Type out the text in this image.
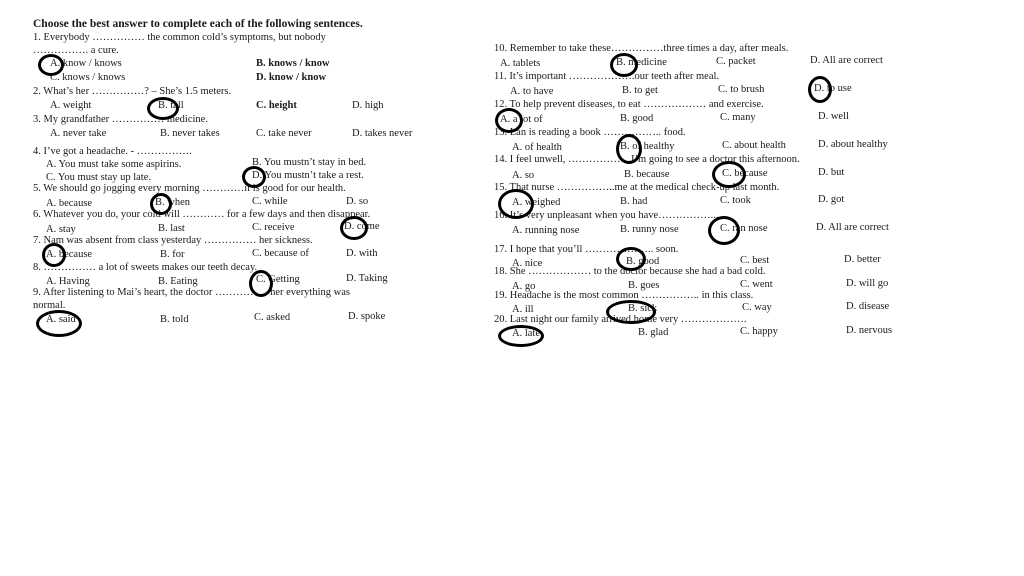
Choose the best answer to complete each of the following sentences.
1. Everybody …………… the common cold’s symptoms, but nobody
……………. a cure.
A. know / knows	B. knows / know
C. knows / knows	D. know / know
2. What’s her ……………? – She’s 1.5 meters.
A. weight	B. tall	C. height	D. high
3. My grandfather …………… medicine.
A. never take	B. never takes	C. take never	D. takes never
4. I’ve got a headache. - …………….
A. You must take some aspirins.	B. You mustn’t stay in bed.
C. You must stay up late.	D. You mustn’t take a rest.
5. We should go jogging every morning …………it is good for our health.
A. because	B. when	C. while	D. so
6. Whatever you do, your cold will ………… for a few days and then disappear.
A. stay	B. last	C. receive	D. come
7. Nam was absent from class yesterday …………… her sickness.
A. because	B. for	C. because of	D. with
8. …………… a lot of sweets makes our teeth decay.
A. Having	B. Eating	C. Getting	D. Taking
9. After listening to Mai’s heart, the doctor …………… her everything was
normal.
A. said	B. told	C. asked	D. spoke
10. Remember to take these……………three times a day, after meals.
A. tablets	B. medicine	C. packet	D. All are correct
11. It’s important ……………….our teeth after meal.
A. to have	B. to get	C. to brush	D. to use
12. To help prevent diseases, to eat ……………… and exercise.
A. a lot of	B. good	C. many	D. well
13. Lan is reading a book …………….. food.
A. of health	B. of healthy	C. about health	D. about healthy
14. I feel unwell, ………………I’m going to see a doctor this afternoon.
A. so	B. because	C. because	D. but
15. That nurse ……………..me at the medical check-up last month.
A. weighed	B. had	C. took	D. got
16. It’s very unpleasant when you have……………....
A. running nose	B. runny nose	C. ran nose	D. All are correct
17. I hope that you’ll ……………….. soon.
A. nice	B. good	C. best	D. better
18. She ……………… to the doctor because she had a bad cold.
A. go	B. goes	C. went	D. will go
19. Headache is the most common …………….. in this class.
A. ill	B. sick	C. way	D. disease
20. Last night our family arrived home very ……………….
A. late	B. glad	C. happy	D. nervous
